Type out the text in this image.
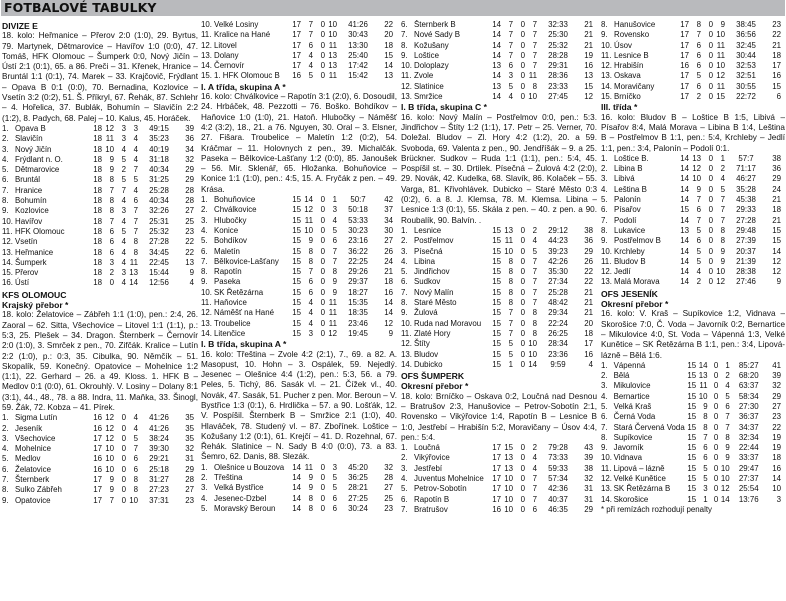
FOTBALOVÉ TABULKY
DIVIZE E
18. kolo: Heřmanice – Přerov 2:0 (1:0), 29. Byrtus, 79. Martynek, Dětmarovice – Havířov 1:0 (0:0), 47. Tomáš, HFK Olomouc – Šumperk 0:0, Nový Jičín – Ústí 2:1 (0:1), 65. a 86. Preči – 31. Křenek, Hranice – Bruntál 1:1 (0:1), 74. Marek – 33. Krajčovič, Frýdlant – Opava B 0:1 (0:0), 70. Bernadina, Kozlovice – Vsetín 3:2 (0:2), 51. Š. Příkryl, 67. Řehák, 87. Schlehr – 4. Hořelica, 37. Bublák, Bohumín – Slavičín 2:2 (1:2), 8. Padych, 68. Palej – 10. Kalus, 45. Horáček.
1.	Opava B	18	12	3	3	49:15	39
2.	Slavičín	18	11	3	4	35:23	36
3.	Nový Jičín	18	10	4	4	40:19	34
4.	Frýdlant n. O.	18	9	5	4	31:18	32
5.	Dětmarovice	18	9	2	7	40:34	29
6.	Bruntál	18	8	5	5	31:25	29
7.	Hranice	18	7	7	4	25:28	28
8.	Bohumín	18	8	4	6	40:34	28
9.	Kozlovice	18	8	3	7	32:26	27
10.	Havířov	18	7	4	7	25:31	25
11.	HFK Olomouc	18	6	5	7	25:32	23
12.	Vsetín	18	6	4	8	27:28	22
13.	Heřmanice	18	6	4	8	34:45	22
14.	Šumperk	18	3	4	11	22:45	13
15.	Přerov	18	2	3	13	15:44	9
16.	Ústí	18	0	4	14	12:56	4
KFS OLOMOUC
Krajský přebor *
18. kolo: Želatovice – Zábřeh 1:1 (1:0), pen.: 2:4, 26. Zaoral – 62. Sitta, Všechovice – Litovel 1:1 (1:1), p.: 5:3, 25. Plešek – 34. Dragon. Šternberk – Černovír 2:0 (1:0), 3. Smrček z pen., 70. Zifčák. Kralice – Lutín 2:2 (1:0), p.: 0:3, 35. Cibulka, 90. Němčík – 51. Skopalík, 59. Konečný. Opatovice – Mohelnice 1:2 (1:1), 22. Gerhard – 26. a 49. Kloss. 1. HFK B – Medlov 0:1 (0:0), 61. Okrouhlý. V. Losiny – Dolany 8:1 (3:1), 44., 48., 78. a 88. Indra, 11. Maňka, 33. Šinogl, 59. Žák, 72. Kobza – 41. Pírek.
1.	Sigma Lutín	16	12	0	4	41:26	35
2.	Jeseník	16	12	0	4	41:26	35
3.	Všechovice	17	12	0	5	38:24	35
4.	Mohelnice	17	10	0	7	39:30	32
5.	Medlov	16	10	0	6	29:21	31
6.	Želatovice	16	10	0	6	25:18	29
7.	Šternberk	17	9	0	8	31:27	28
8.	Sulko Zábřeh	17	9	0	8	27:23	27
9.	Opatovice	17	7	0	10	37:31	23
10.	Velké Losiny	17	7	0	10	41:26	22
11.	Kralice na Hané	17	7	0	10	30:43	20
12.	Litovel	17	6	0	11	13:30	18
13.	Dolany	17	4	0	13	25:40	15
14.	Černovír	17	4	0	13	17:42	14
15.	1. HFK Olomouc B	16	5	0	11	15:42	13
I. A třída, skupina A *
16. kolo: Chválkovice – Rapotín 3:1 (2:0), 6. Dosoudil, 24. Hrbáček, 48. Pezzotti – 76. Boško. Bohdíkov – Haňovice 1:0 (1:0), 21. Hatoň. Hlubočky – Náměšť 4:2 (3:2), 18., 21. a 76. Nguyen, 30. Oral – 3. Elsner, 27. Fišara. Troubelice – Maletín 1:2 (0:2), 54. Kráčmar – 11. Holovnych z pen., 39. Michalčák. Paseka – Bělkovice-Lašťany 1:2 (0:0), 85. Janoušek – 56. Mir. Sklenář, 65. Hložanka. Bohuňovice – Konice 1:1 (1:0), pen.: 4:5, 15. A. Fryčák z pen. – 49. Krása.
1.	Bohuňovice	15	14	0	1	50:7	42
2.	Chválkovice	15	12	0	3	50:18	37
3.	Hlubočky	15	11	0	4	53:33	34
4.	Konice	15	10	0	5	30:23	30
5.	Bohdíkov	15	9	0	6	23:16	27
6.	Maletín	15	8	0	7	36:22	26
7.	Bělkovice-Lašťany	15	8	0	7	22:25	24
8.	Rapotín	15	7	0	8	29:26	21
9.	Paseka	15	6	0	9	29:37	18
10.	SK Řetězárna	15	6	0	9	18:27	16
11.	Haňovice	15	4	0	11	15:35	14
12.	Náměšť na Hané	15	4	0	11	18:35	14
13.	Troubelice	15	4	0	11	23:46	12
14.	Litenčice	15	3	0	12	19:45	9
I. B třída, skupina A *
16. kolo: Třeština – Zvole 4:2 (2:1), 7., 69. a 82. A. Masopust, 10. Hohn – 3. Ospálek, 59. Nejedlý. Jesenec – Olešnice 4:4 (1:2), pen.: 5:3, 56. a 79. Peles, 5. Tichý, 86. Sasák vl. – 21. Čížek vl., 40. Novák, 47. Sasák, 51. Pucher z pen. Mor. Beroun – V. Bystřice 1:3 (0:1), 6. Hrdlička – 57. a 90. Lošťák, 12. V. Pospíšil. Šternberk B – Smržice 2:1 (1:0), 40. Hlaváček, 78. Studený vl. – 87. Zbořínek. Loštice – Kožušany 1:2 (0:1), 61. Krejčí – 41. D. Rozehnal, 67. Řehák. Slatinice – N. Sady B 4:0 (0:0), 73. a 83. Šemro, 62. Danis, 88. Slezák.
1.	Olešnice u Bouzova	14	11	0	3	45:20	32
2.	Třeština	14	9	0	5	36:25	28
3.	Velká Bystřice	14	9	0	5	28:21	27
4.	Jesenec-Dzbel	14	8	0	6	27:25	25
5.	Moravský Beroun	14	8	0	6	30:24	23
6.	Šternberk B	14	7	0	7	32:33	21
7.	Nové Sady B	14	7	0	7	25:30	21
8.	Kožušany	14	7	0	7	25:32	21
9.	Loštice	14	7	0	7	28:28	19
10.	Doloplazy	13	6	0	7	29:31	16
11.	Zvole	14	3	0	11	28:36	13
12.	Slatinice	13	5	0	8	23:33	15
13.	Smržice	14	4	0	10	27:45	12
I. B třída, skupina C *
16. kolo: Nový Malín – Postřelmov 0:0, pen.: 5:3. Jindřichov – Štíty 1:2 (1:1), 17. Petr – 25. Verner, 70. Doležal. Bludov – Zl. Hory 4:2 (1:2), 20. a 59. Svoboda, 69. Valenta z pen., 90. Jendříšák – 9. a 25. Brückner. Sudkov – Ruda 1:1 (1:1), pen.: 5:4, 45. Pospíšil st. – 30. Drtilek. Písečná – Žulová 4:2 (2:0), 29. Novák, 42. Kudelka, 68. Slavík, 86. Kolaček – 55. Varga, 81. Křivohlávek. Dubicko – Staré Město 0:3 (0:2), 6. a 8. J. Klemsa, 78. M. Klemsa. Libina – Lesnice 1:3 (0:1), 55. Skála z pen. – 40. z pen. a 90. Roubalík, 90. Balvín. .
1.	Lesnice	15	13	0	2	29:12	38
2.	Postřelmov	15	11	0	4	44:23	36
3.	Písečná	15	10	0	5	39:23	29
4.	Libina	15	8	0	7	42:26	26
5.	Jindřichov	15	8	0	7	35:30	22
6.	Sudkov	15	8	0	7	27:34	22
7.	Nový Malín	15	8	0	7	25:28	21
8.	Staré Město	15	8	0	7	48:42	21
9.	Žulová	15	7	0	8	29:34	21
10.	Ruda nad Moravou	15	7	0	8	22:24	20
11.	Zlaté Hory	15	7	0	8	26:25	18
12.	Štíty	15	5	0	10	28:34	17
13.	Bludov	15	5	0	10	23:36	16
14.	Dubicko	15	1	0	14	9:59	4
OFS ŠUMPERK
Okresní přebor *
18. kolo: Brníčko – Oskava 0:2, Loučná nad Desnou – Bratrušov 2:3, Hanušovice – Petrov-Sobotín 2:1, Rovensko – Vikýřovice 1:4, Rapotín B – Lesnice B 1:0, Jestřebí – Hrabišín 5:2, Moravičany – Úsov 4:4, pen.: 5:4.
1.	Loučná	17	15	0	2	79:28	43
2.	Vikýřovice	17	13	0	4	73:33	39
3.	Jestřebí	17	13	0	4	59:33	38
4.	Juventus Mohelnice	17	10	0	7	57:34	32
5.	Petrov-Sobotín	17	10	0	7	42:36	31
6.	Rapotín B	17	10	0	7	40:37	31
7.	Bratrušov	16	10	0	6	46:35	29
8.	Hanušovice	17	8	0	9	38:45	23
9.	Rovensko	17	7	0	10	36:56	22
10.	Úsov	17	6	0	11	32:45	21
11.	Lesnice B	17	6	0	11	30:44	18
12.	Hrabišín	16	6	0	10	32:53	17
13.	Oskava	17	5	0	12	32:51	16
14.	Moravičany	17	6	0	11	30:55	15
15.	Brníčko	17	2	0	15	22:72	6
III. třída *
16. kolo: Bludov B – Loštice B 1:5, Libivá – Písařov 8:4, Malá Morava – Libina B 1:4, Leština B – Postřelmov B 1:1, pen.: 5:4, Krchleby – Jedlí 1:1, pen.: 3:4, Palonín – Podolí 0:1.
1.	Loštice B.	14	13	0	1	57:7	38
2.	Libina B	14	12	0	2	71:17	36
3.	Libivá	14	10	0	4	46:27	29
4.	Leština B	14	9	0	5	35:28	24
5.	Palonín	14	7	0	7	45:38	21
6.	Písařov	15	6	0	7	29:33	18
7.	Podolí	14	7	0	7	27:28	21
8.	Lukavice	13	5	0	8	29:48	15
9.	Postřelmov B	14	6	0	8	27:39	15
10.	Krchleby	14	5	0	9	20:37	14
11.	Bludov B	14	5	0	9	21:39	12
12.	Jedlí	14	4	0	10	28:38	12
13.	Malá Morava	14	2	0	12	27:46	9
OFS JESENÍK
Okresní přebor *
16. kolo: V. Kraš – Supíkovice 1:2, Vidnava – Skorošice 7:0, Č. Voda – Javorník 0:2, Bernartice – Mikulovice 4:0, St. Voda – Vápenná 1:3, Velké Kunětice – SK Řetězárna B 1:1, pen.: 3:4, Lipová-lázně – Bělá 1:6.
1.	Vápenná	15	14	0	1	85:27	41
2.	Bělá	15	13	0	2	68:20	39
3.	Mikulovice	15	11	0	4	63:37	32
4.	Bernartice	15	10	0	5	58:34	29
5.	Velká Kraš	15	9	0	6	27:30	27
6.	Černá Voda	15	8	0	7	36:37	23
7.	Stará Červená Voda	15	8	0	7	34:37	22
8.	Supíkovice	15	7	0	8	32:34	19
9.	Javorník	15	6	0	9	22:44	19
10.	Vidnava	15	6	0	9	33:37	18
11.	Lipová – lázně	15	5	0	10	29:47	16
12.	Velké Kunětice	15	5	0	10	27:37	14
13.	SK Řetězárna B	15	3	0	12	25:54	10
14.	Skorošice	15	1	0	14	13:76	3
* při remízách rozhodují penalty
